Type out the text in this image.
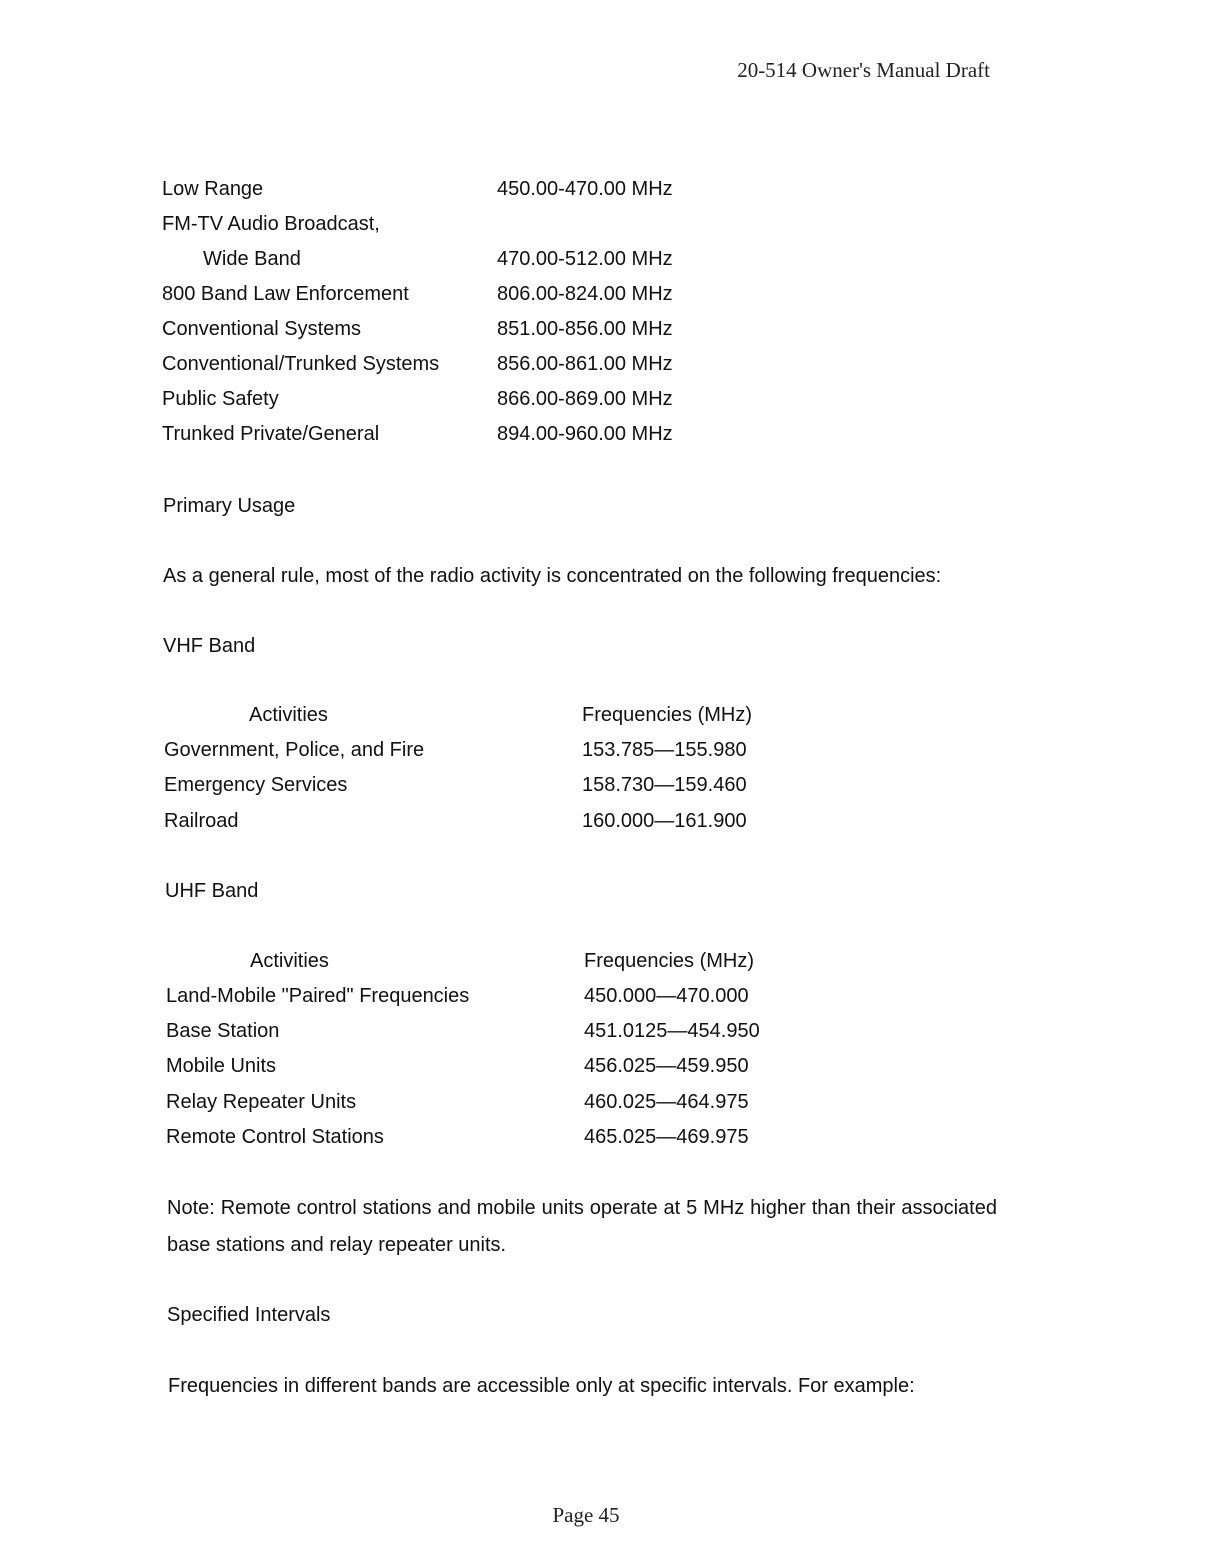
20-514 Owner's Manual Draft
Low Range	450.00-470.00 MHz
FM-TV Audio Broadcast,
Wide Band	470.00-512.00 MHz
800 Band Law Enforcement	806.00-824.00 MHz
Conventional Systems	851.00-856.00 MHz
Conventional/Trunked Systems	856.00-861.00 MHz
Public Safety	866.00-869.00 MHz
Trunked Private/General	894.00-960.00 MHz
Primary Usage
As a general rule, most of the radio activity is concentrated on the following frequencies:
VHF Band
Activities	Frequencies (MHz)
Government, Police, and Fire	153.785—155.980
Emergency Services	158.730—159.460
Railroad	160.000—161.900
UHF Band
Activities	Frequencies (MHz)
Land-Mobile "Paired" Frequencies	450.000—470.000
Base Station	451.0125—454.950
Mobile Units	456.025—459.950
Relay Repeater Units	460.025—464.975
Remote Control Stations	465.025—469.975
Note: Remote control stations and mobile units operate at 5 MHz higher than their associated base stations and relay repeater units.
Specified Intervals
Frequencies in different bands are accessible only at specific intervals. For example:
Page 45
